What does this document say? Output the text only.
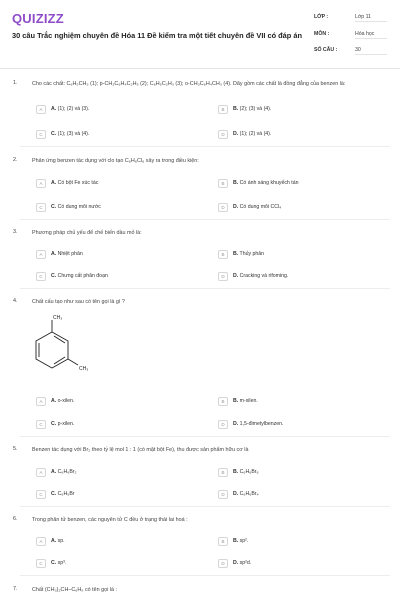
QUIZIZZ
30 câu Trắc nghiệm chuyên đề Hóa 11 Đề kiểm tra một tiết chuyên đề VII có đáp án
LỚP :	Lớp 11
MÔN :	Hóa học
SỐ CÂU :	30
1.	Cho các chất: C₆H₅CH₃ (1); p-CH₃C₆H₄C₂H₅ (2); C₆H₅C₂H₃ (3); o-CH₃C₆H₄CH₃ (4). Dãy gồm các chất là đồng đẳng của benzen là:
A	A. (1); (2) và (3).	B	B. (2); (3) và (4).
C	C. (1); (3) và (4).	D	D. (1); (2) và (4).
2.	Phản ứng benzen tác dụng với clo tạo C₆H₆Cl₆ xảy ra trong điều kiện:
A	A. Có bột Fe xúc tác	B	B. Có ánh sáng khuyếch tán
C	C. Có dung môi nước	D	D. Có dung môi CCl₄
3.	Phương pháp chủ yếu để chế biến dầu mỏ là:
A	A. Nhiệt phân	B	B. Thủy phân
C	C. Chưng cất phân đoạn	D	D. Cracking và rifoming.
4.	Chất cấu tạo như sau có tên gọi là gì ?
CH₃
CH₃
A	A. o-xilen.	B	B. m-xilen.
C	C. p-xilen.	D	D. 1,5-đimetylbenzen.
5.	Benzen tác dụng với Br₂ theo tỷ lệ mol 1 : 1 (có mặt bột Fe), thu được sản phẩm hữu cơ là
A	A. C₆H₆Br₂	B	B. C₆H₆Br₆
C	C. C₆H₅Br	D	D. C₆H₆Br₄
6.	Trong phân tử benzen, các nguyên tử C đều ở trạng thái lai hoá :
A	A. sp.	B	B. sp².
C	C. sp³.	D	D. sp²d.
7.	Chất (CH₃)₂CH–C₆H₅ có tên gọi là :
